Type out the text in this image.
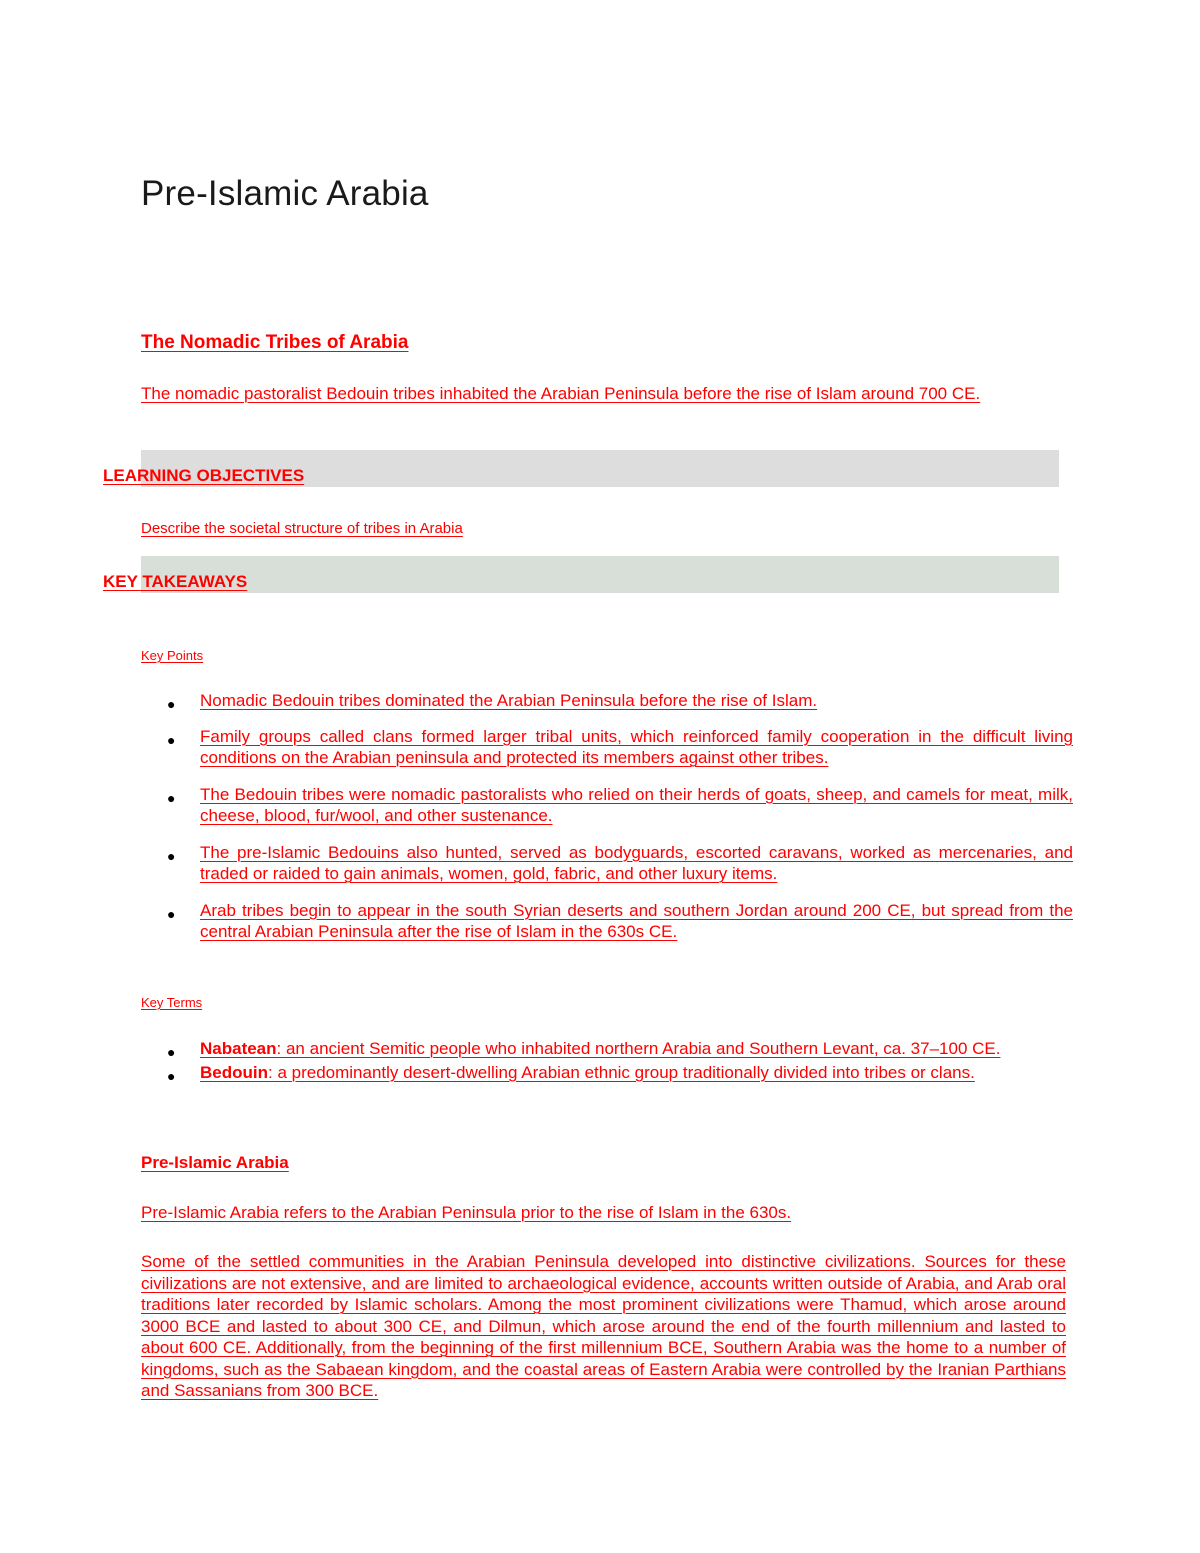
Pre-Islamic Arabia
The Nomadic Tribes of Arabia
The nomadic pastoralist Bedouin tribes inhabited the Arabian Peninsula before the rise of Islam around 700 CE.
LEARNING OBJECTIVES
Describe the societal structure of tribes in Arabia
KEY TAKEAWAYS
Key Points
● Nomadic Bedouin tribes dominated the Arabian Peninsula before the rise of Islam.
● Family groups called clans formed larger tribal units, which reinforced family cooperation in the difficult living conditions on the Arabian peninsula and protected its members against other tribes.
● The Bedouin tribes were nomadic pastoralists who relied on their herds of goats, sheep, and camels for meat, milk, cheese, blood, fur/wool, and other sustenance.
● The pre-Islamic Bedouins also hunted, served as bodyguards, escorted caravans, worked as mercenaries, and traded or raided to gain animals, women, gold, fabric, and other luxury items.
● Arab tribes begin to appear in the south Syrian deserts and southern Jordan around 200 CE, but spread from the central Arabian Peninsula after the rise of Islam in the 630s CE.
Key Terms
● Nabatean: an ancient Semitic people who inhabited northern Arabia and Southern Levant, ca. 37–100 CE.
● Bedouin: a predominantly desert-dwelling Arabian ethnic group traditionally divided into tribes or clans.
Pre-Islamic Arabia
Pre-Islamic Arabia refers to the Arabian Peninsula prior to the rise of Islam in the 630s.
Some of the settled communities in the Arabian Peninsula developed into distinctive civilizations. Sources for these civilizations are not extensive, and are limited to archaeological evidence, accounts written outside of Arabia, and Arab oral traditions later recorded by Islamic scholars. Among the most prominent civilizations were Thamud, which arose around 3000 BCE and lasted to about 300 CE, and Dilmun, which arose around the end of the fourth millennium and lasted to about 600 CE. Additionally, from the beginning of the first millennium BCE, Southern Arabia was the home to a number of kingdoms, such as the Sabaean kingdom, and the coastal areas of Eastern Arabia were controlled by the Iranian Parthians and Sassanians from 300 BCE.
